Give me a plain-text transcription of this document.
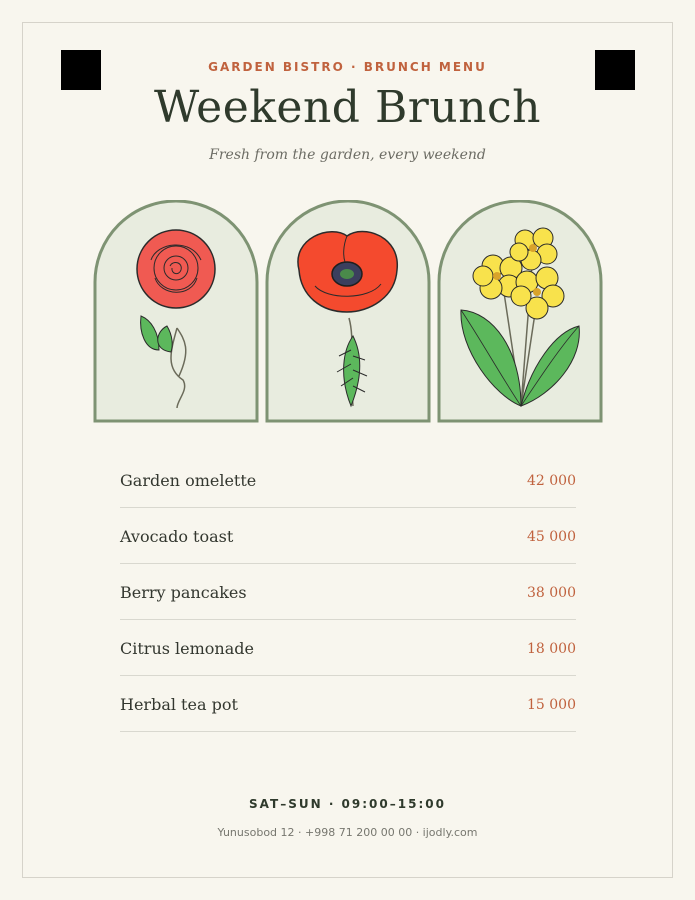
GARDEN BISTRO · BRUNCH MENU
Weekend Brunch
Fresh from the garden, every weekend
Garden omelette	42 000
Avocado toast	45 000
Berry pancakes	38 000
Citrus lemonade	18 000
Herbal tea pot	15 000
SAT–SUN · 09:00–15:00
Yunusobod 12 · +998 71 200 00 00 · ijodly.com
